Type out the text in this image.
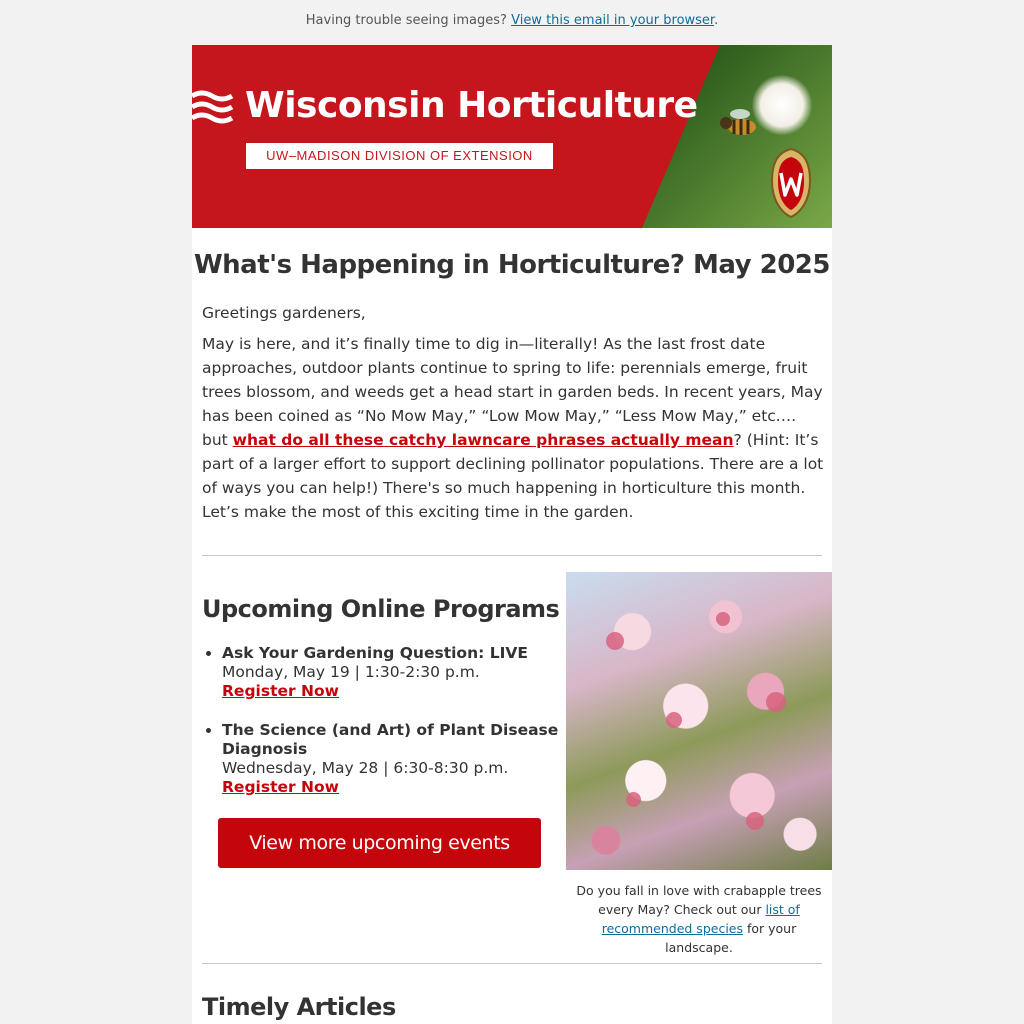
Having trouble seeing images? View this email in your browser.
Wisconsin Horticulture
UW–MADISON DIVISION OF EXTENSION
What's Happening in Horticulture? May 2025
Greetings gardeners,

May is here, and it’s finally time to dig in—literally! As the last frost date approaches, outdoor plants continue to spring to life: perennials emerge, fruit trees blossom, and weeds get a head start in garden beds. In recent years, May has been coined as “No Mow May,” “Low Mow May,” “Less Mow May,” etc.… but what do all these catchy lawncare phrases actually mean? (Hint: It’s part of a larger effort to support declining pollinator populations. There are a lot of ways you can help!) There's so much happening in horticulture this month. Let’s make the most of this exciting time in the garden.

Upcoming Online Programs
• Ask Your Gardening Question: LIVE
Monday, May 19 | 1:30-2:30 p.m.
Register Now
• The Science (and Art) of Plant Disease Diagnosis
Wednesday, May 28 | 6:30-8:30 p.m.
Register Now
View more upcoming events
Do you fall in love with crabapple trees every May? Check out our list of recommended species for your landscape.
Timely Articles
